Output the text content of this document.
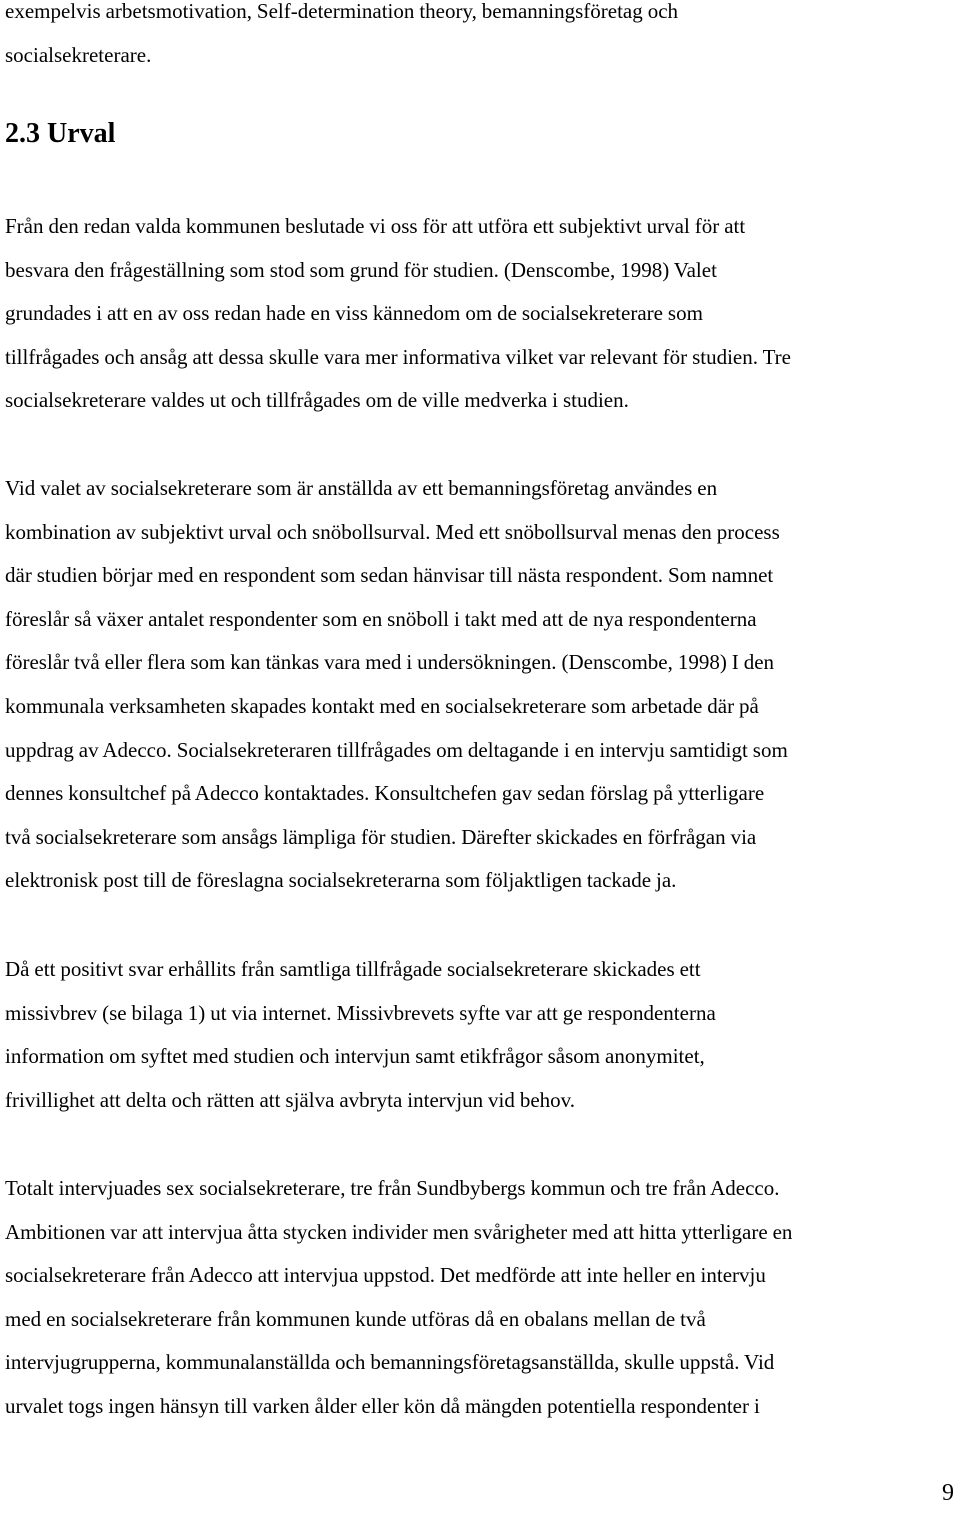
exempelvis arbetsmotivation, Self-determination theory, bemanningsföretag och
socialsekreterare.

2.3 Urval

Från den redan valda kommunen beslutade vi oss för att utföra ett subjektivt urval för att
besvara den frågeställning som stod som grund för studien. (Denscombe, 1998) Valet
grundades i att en av oss redan hade en viss kännedom om de socialsekreterare som
tillfrågades och ansåg att dessa skulle vara mer informativa vilket var relevant för studien. Tre
socialsekreterare valdes ut och tillfrågades om de ville medverka i studien.

Vid valet av socialsekreterare som är anställda av ett bemanningsföretag användes en
kombination av subjektivt urval och snöbollsurval. Med ett snöbollsurval menas den process
där studien börjar med en respondent som sedan hänvisar till nästa respondent. Som namnet
föreslår så växer antalet respondenter som en snöboll i takt med att de nya respondenterna
föreslår två eller flera som kan tänkas vara med i undersökningen. (Denscombe, 1998) I den
kommunala verksamheten skapades kontakt med en socialsekreterare som arbetade där på
uppdrag av Adecco. Socialsekreteraren tillfrågades om deltagande i en intervju samtidigt som
dennes konsultchef på Adecco kontaktades. Konsultchefen gav sedan förslag på ytterligare
två socialsekreterare som ansågs lämpliga för studien. Därefter skickades en förfrågan via
elektronisk post till de föreslagna socialsekreterarna som följaktligen tackade ja.

Då ett positivt svar erhållits från samtliga tillfrågade socialsekreterare skickades ett
missivbrev (se bilaga 1) ut via internet. Missivbrevets syfte var att ge respondenterna
information om syftet med studien och intervjun samt etikfrågor såsom anonymitet,
frivillighet att delta och rätten att själva avbryta intervjun vid behov.

Totalt intervjuades sex socialsekreterare, tre från Sundbybergs kommun och tre från Adecco.
Ambitionen var att intervjua åtta stycken individer men svårigheter med att hitta ytterligare en
socialsekreterare från Adecco att intervjua uppstod. Det medförde att inte heller en intervju
med en socialsekreterare från kommunen kunde utföras då en obalans mellan de två
intervjugrupperna, kommunalanställda och bemanningsföretagsanställda, skulle uppstå. Vid
urvalet togs ingen hänsyn till varken ålder eller kön då mängden potentiella respondenter i

9
